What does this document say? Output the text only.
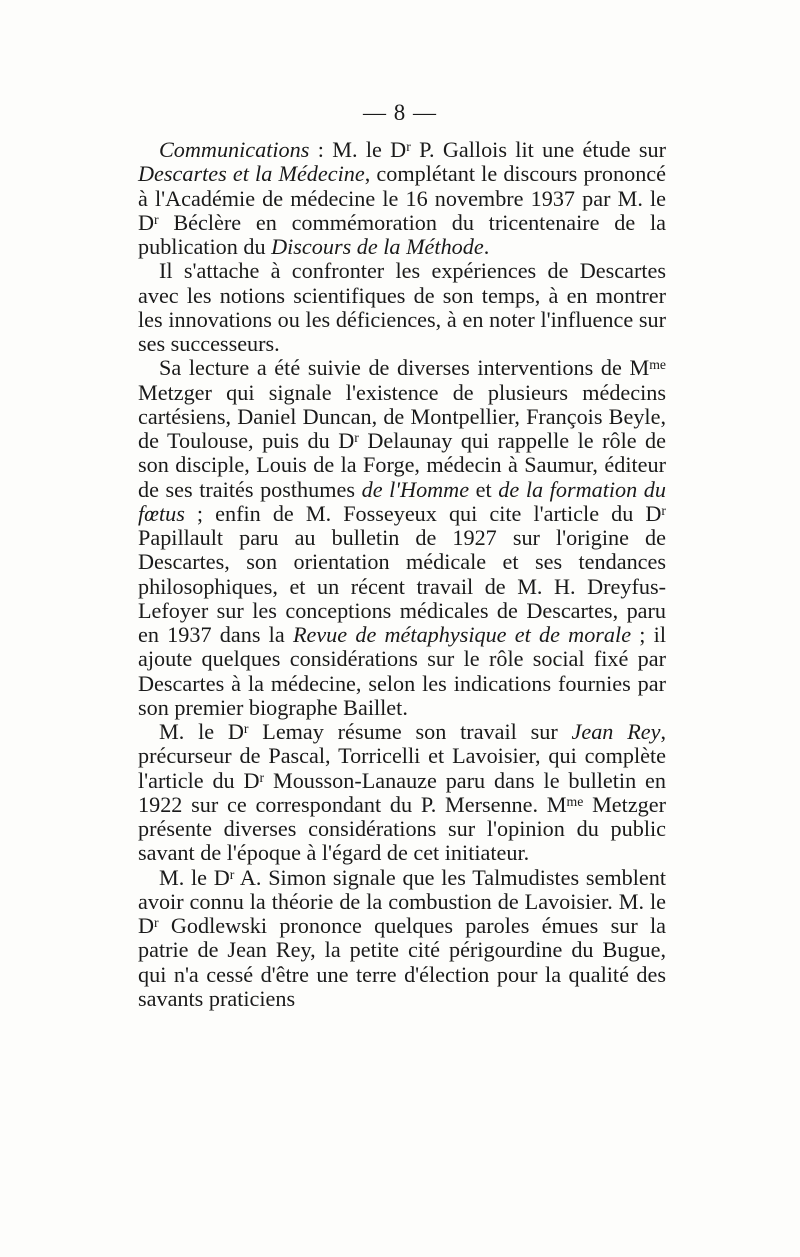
— 8 —

Communications : M. le $D^r$ P. Gallois lit une étude sur Descartes et la Médecine, complétant le discours prononcé à l'Académie de médecine le 16 novembre 1937 par M. le $D^r$ Béclère en commémoration du tricentenaire de la publication du Discours de la Méthode.

Il s'attache à confronter les expériences de Descartes avec les notions scientifiques de son temps, à en montrer les innovations ou les déficiences, à en noter l'influence sur ses successeurs.

Sa lecture a été suivie de diverses interventions de $M^{me}$ Metzger qui signale l'existence de plusieurs médecins cartésiens, Daniel Duncan, de Montpellier, François Beyle, de Toulouse, puis du $D^r$ Delaunay qui rappelle le rôle de son disciple, Louis de la Forge, médecin à Saumur, éditeur de ses traités posthumes de l'Homme et de la formation du fœtus ; enfin de M. Fosseyeux qui cite l'article du $D^r$ Papillault paru au bulletin de 1927 sur l'origine de Descartes, son orientation médicale et ses tendances philosophiques, et un récent travail de M. H. Dreyfus-Lefoyer sur les conceptions médicales de Descartes, paru en 1937 dans la Revue de métaphysique et de morale ; il ajoute quelques considérations sur le rôle social fixé par Descartes à la médecine, selon les indications fournies par son premier biographe Baillet.

M. le $D^r$ Lemay résume son travail sur Jean Rey, précurseur de Pascal, Torricelli et Lavoisier, qui complète l'article du $D^r$ Mousson-Lanauze paru dans le bulletin en 1922 sur ce correspondant du P. Mersenne. $M^{me}$ Metzger présente diverses considérations sur l'opinion du public savant de l'époque à l'égard de cet initiateur.

M. le $D^r$ A. Simon signale que les Talmudistes semblent avoir connu la théorie de la combustion de Lavoisier. M. le $D^r$ Godlewski prononce quelques paroles émues sur la patrie de Jean Rey, la petite cité périgourdine du Bugue, qui n'a cessé d'être une terre d'élection pour la qualité des savants praticiens
